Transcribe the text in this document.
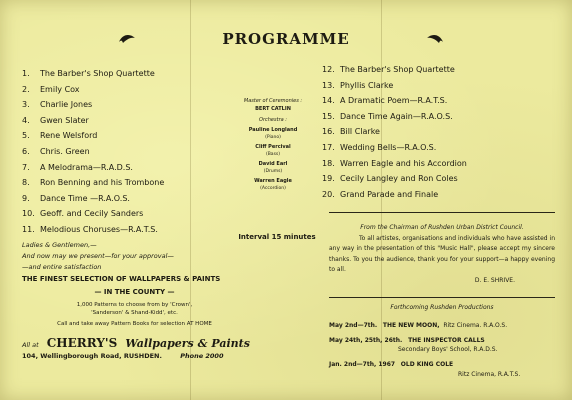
PROGRAMME
1. The Barber's Shop Quartette
2. Emily Cox
3. Charlie Jones
4. Gwen Slater
5. Rene Welsford
6. Chris. Green
7. A Melodrama—R.A.D.S.
8. Ron Benning and his Trombone
9. Dance Time —R.A.O.S.
10. Geoff. and Cecily Sanders
11. Melodious Choruses—R.A.T.S.
12. The Barber's Shop Quartette
13. Phyllis Clarke
14. A Dramatic Poem—R.A.T.S.
15. Dance Time Again—R.A.O.S.
16. Bill Clarke
17. Wedding Bells—R.A.O.S.
18. Warren Eagle and his Accordion
19. Cecily Langley and Ron Coles
20. Grand Parade and Finale
Master of Ceremonies :
BERT CATLIN
Orchestra :
Pauline Longland
(Piano)
Cliff Percival
(Bass)
David Earl
(Drums)
Warren Eagle
(Accordion)
Interval 15 minutes
From the Chairman of Rushden Urban District Council.
To all artistes, organisations and individuals who have assisted in any way in the presentation of this "Music Hall", please accept my sincere thanks. To you the audience, thank you for your support—a happy evening to all.
D. E. SHRIVE.
Forthcoming Rushden Productions
May 2nd—7th. THE NEW MOON, Ritz Cinema. R.A.O.S.
May 24th, 25th, 26th. THE INSPECTOR CALLS
Secondary Boys' School, R.A.D.S.
Jan. 2nd—7th, 1967 OLD KING COLE
Ritz Cinema, R.A.T.S.
Ladies & Gentlemen,—
And now may we present—for your approval—
—and entire satisfaction
THE FINEST SELECTION OF WALLPAPERS & PAINTS
— IN THE COUNTY —
1,000 Patterns to choose from by 'Crown',
'Sanderson' & Shand-Kidd', etc.
Call and take away Pattern Books for selection AT HOME
All at CHERRY'S Wallpapers & Paints
104, Wellingborough Road, RUSHDEN.	Phone 2000
